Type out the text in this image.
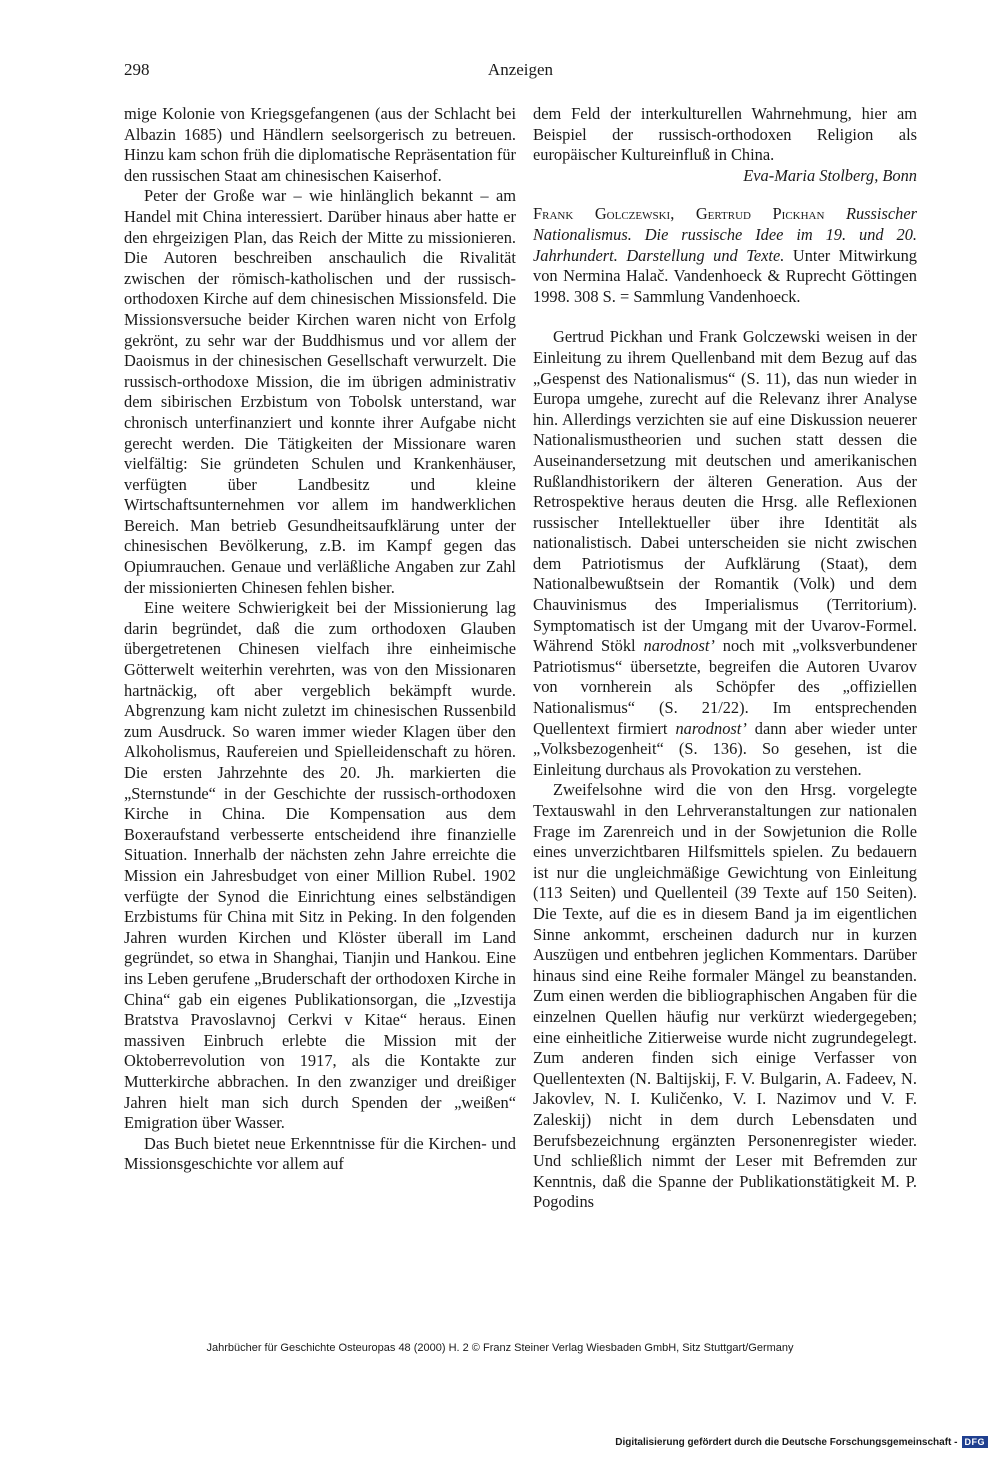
298	Anzeigen

mige Kolonie von Kriegsgefangenen (aus der Schlacht bei Albazin 1685) und Händlern seelsorgerisch zu betreuen. Hinzu kam schon früh die diplomatische Repräsentation für den russischen Staat am chinesischen Kaiserhof.

Peter der Große war – wie hinlänglich bekannt – am Handel mit China interessiert. Darüber hinaus aber hatte er den ehrgeizigen Plan, das Reich der Mitte zu missionieren. Die Autoren beschreiben anschaulich die Rivalität zwischen der römisch-katholischen und der russisch-orthodoxen Kirche auf dem chinesischen Missionsfeld. Die Missionsversuche beider Kirchen waren nicht von Erfolg gekrönt, zu sehr war der Buddhismus und vor allem der Daoismus in der chinesischen Gesellschaft verwurzelt. Die russisch-orthodoxe Mission, die im übrigen administrativ dem sibirischen Erzbistum von Tobolsk unterstand, war chronisch unterfinanziert und konnte ihrer Aufgabe nicht gerecht werden. Die Tätigkeiten der Missionare waren vielfältig: Sie gründeten Schulen und Krankenhäuser, verfügten über Landbesitz und kleine Wirtschaftsunternehmen vor allem im handwerklichen Bereich. Man betrieb Gesundheitsaufklärung unter der chinesischen Bevölkerung, z.B. im Kampf gegen das Opiumrauchen. Genaue und verläßliche Angaben zur Zahl der missionierten Chinesen fehlen bisher.

Eine weitere Schwierigkeit bei der Missionierung lag darin begründet, daß die zum orthodoxen Glauben übergetretenen Chinesen vielfach ihre einheimische Götterwelt weiterhin verehrten, was von den Missionaren hartnäckig, oft aber vergeblich bekämpft wurde. Abgrenzung kam nicht zuletzt im chinesischen Russenbild zum Ausdruck. So waren immer wieder Klagen über den Alkoholismus, Raufereien und Spielleidenschaft zu hören. Die ersten Jahrzehnte des 20. Jh. markierten die „Sternstunde“ in der Geschichte der russisch-orthodoxen Kirche in China. Die Kompensation aus dem Boxeraufstand verbesserte entscheidend ihre finanzielle Situation. Innerhalb der nächsten zehn Jahre erreichte die Mission ein Jahresbudget von einer Million Rubel. 1902 verfügte der Synod die Einrichtung eines selbständigen Erzbistums für China mit Sitz in Peking. In den folgenden Jahren wurden Kirchen und Klöster überall im Land gegründet, so etwa in Shanghai, Tianjin und Hankou. Eine ins Leben gerufene „Bruderschaft der orthodoxen Kirche in China“ gab ein eigenes Publikationsorgan, die „Izvestija Bratstva Pravoslavnoj Cerkvi v Kitae“ heraus. Einen massiven Einbruch erlebte die Mission mit der Oktoberrevolution von 1917, als die Kontakte zur Mutterkirche abbrachen. In den zwanziger und dreißiger Jahren hielt man sich durch Spenden der „weißen“ Emigration über Wasser.

Das Buch bietet neue Erkenntnisse für die Kirchen- und Missionsgeschichte vor allem auf

dem Feld der interkulturellen Wahrnehmung, hier am Beispiel der russisch-orthodoxen Religion als europäischer Kultureinfluß in China.

Eva-Maria Stolberg, Bonn

Frank Golczewski, Gertrud Pickhan Russischer Nationalismus. Die russische Idee im 19. und 20. Jahrhundert. Darstellung und Texte. Unter Mitwirkung von Nermina Halač. Vandenhoeck & Ruprecht Göttingen 1998. 308 S. = Sammlung Vandenhoeck.

Gertrud Pickhan und Frank Golczewski weisen in der Einleitung zu ihrem Quellenband mit dem Bezug auf das „Gespenst des Nationalismus“ (S. 11), das nun wieder in Europa umgehe, zurecht auf die Relevanz ihrer Analyse hin. Allerdings verzichten sie auf eine Diskussion neuerer Nationalismustheorien und suchen statt dessen die Auseinandersetzung mit deutschen und amerikanischen Rußlandhistorikern der älteren Generation. Aus der Retrospektive heraus deuten die Hrsg. alle Reflexionen russischer Intellektueller über ihre Identität als nationalistisch. Dabei unterscheiden sie nicht zwischen dem Patriotismus der Aufklärung (Staat), dem Nationalbewußtsein der Romantik (Volk) und dem Chauvinismus des Imperialismus (Territorium). Symptomatisch ist der Umgang mit der Uvarov-Formel. Während Stökl narodnost’ noch mit „volksverbundener Patriotismus“ übersetzte, begreifen die Autoren Uvarov von vornherein als Schöpfer des „offiziellen Nationalismus“ (S. 21/22). Im entsprechenden Quellentext firmiert narodnost’ dann aber wieder unter „Volksbezogenheit“ (S. 136). So gesehen, ist die Einleitung durchaus als Provokation zu verstehen.

Zweifelsohne wird die von den Hrsg. vorgelegte Textauswahl in den Lehrveranstaltungen zur nationalen Frage im Zarenreich und in der Sowjetunion die Rolle eines unverzichtbaren Hilfsmittels spielen. Zu bedauern ist nur die ungleichmäßige Gewichtung von Einleitung (113 Seiten) und Quellenteil (39 Texte auf 150 Seiten). Die Texte, auf die es in diesem Band ja im eigentlichen Sinne ankommt, erscheinen dadurch nur in kurzen Auszügen und entbehren jeglichen Kommentars. Darüber hinaus sind eine Reihe formaler Mängel zu beanstanden. Zum einen werden die bibliographischen Angaben für die einzelnen Quellen häufig nur verkürzt wiedergegeben; eine einheitliche Zitierweise wurde nicht zugrundegelegt. Zum anderen finden sich einige Verfasser von Quellentexten (N. Baltijskij, F. V. Bulgarin, A. Fadeev, N. Jakovlev, N. I. Kuličenko, V. I. Nazimov und V. F. Zaleskij) nicht in dem durch Lebensdaten und Berufsbezeichnung ergänzten Personenregister wieder. Und schließlich nimmt der Leser mit Befremden zur Kenntnis, daß die Spanne der Publikationstätigkeit M. P. Pogodins

Jahrbücher für Geschichte Osteuropas 48 (2000) H. 2 © Franz Steiner Verlag Wiesbaden GmbH, Sitz Stuttgart/Germany
Digitalisierung gefördert durch die Deutsche Forschungsgemeinschaft - DFG
